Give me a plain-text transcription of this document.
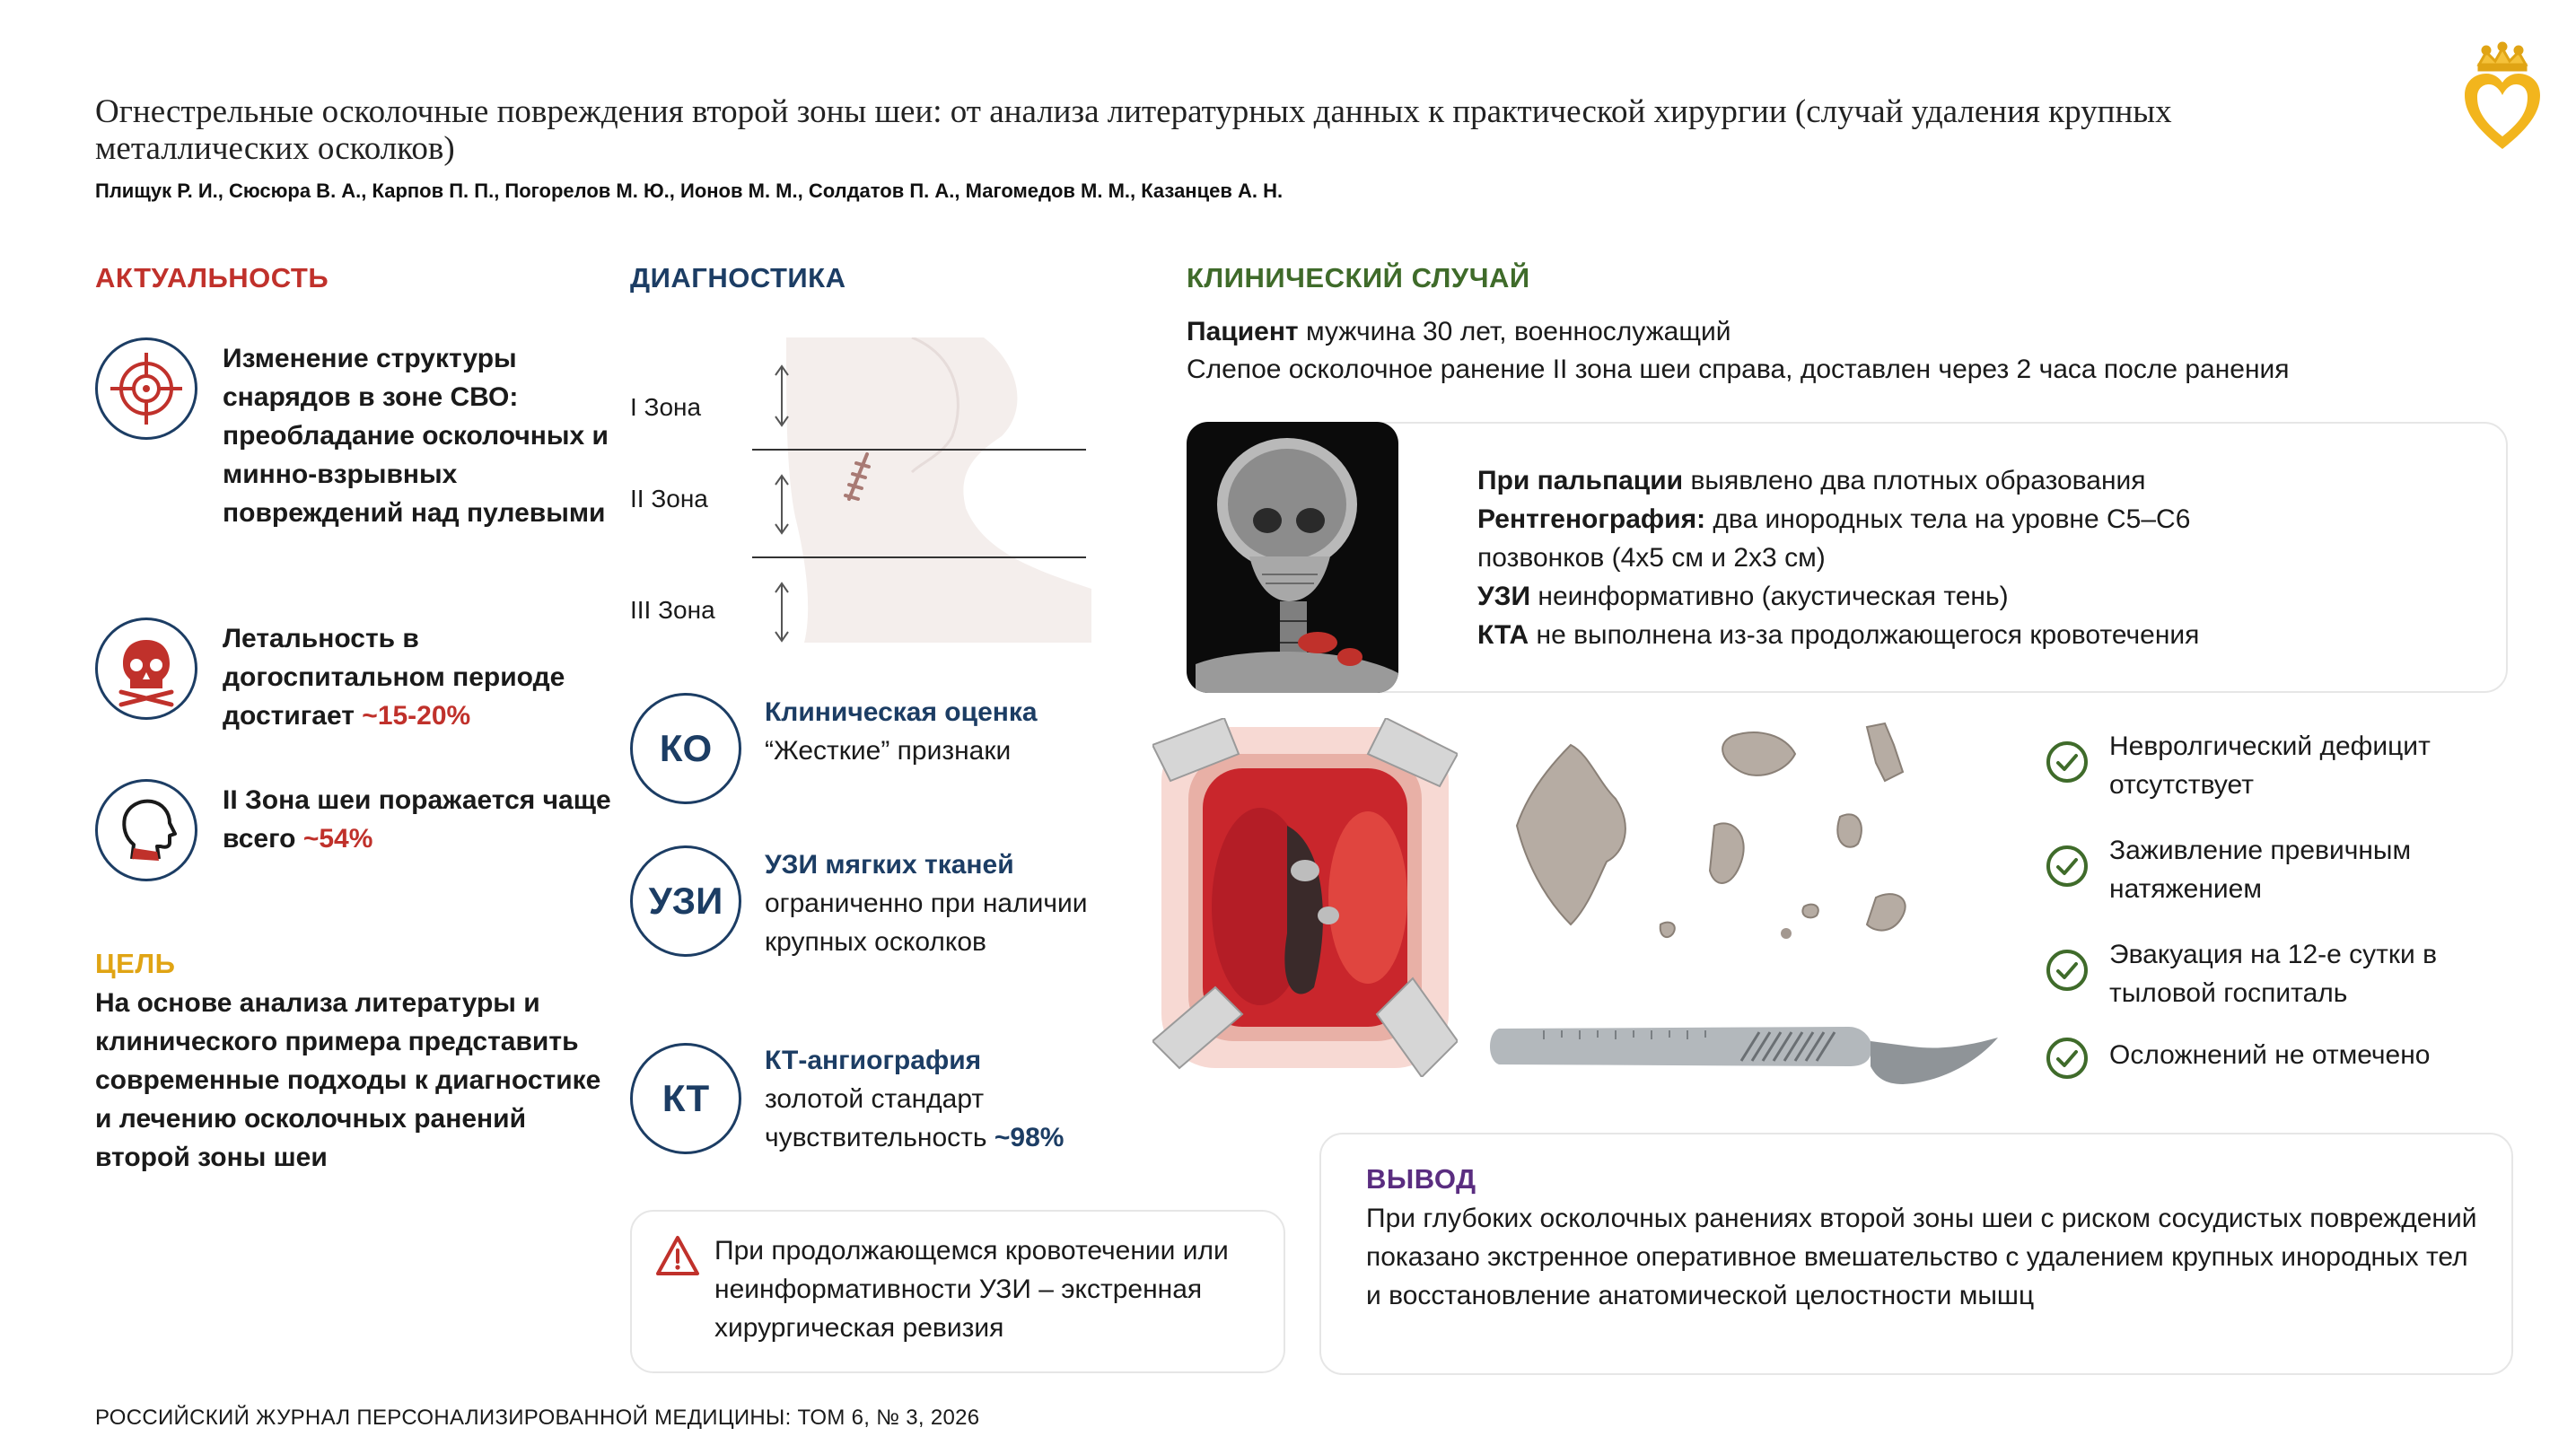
Огнестрельные осколочные повреждения второй зоны шеи: от анализа литературных данных к практической хирургии (случай удаления крупных металлических осколков)
Плищук Р. И., Сюсюра В. А., Карпов П. П., Погорелов М. Ю., Ионов М. М., Солдатов П. А., Магомедов М. М., Казанцев А. Н.
АКТУАЛЬНОСТЬ
Изменение структуры снарядов в зоне СВО: преобладание осколочных и минно-взрывных повреждений над пулевыми
Летальность в догоспитальном периоде достигает ~15-20%
II Зона шеи поражается чаще всего ~54%
ЦЕЛЬ
На основе анализа литературы и клинического примера представить современные подходы к диагностике и лечению осколочных ранений второй зоны шеи
ДИАГНОСТИКА
I Зона
II Зона
III Зона
КО
Клиническая оценка
“Жесткие” признаки
УЗИ
УЗИ мягких тканей
ограниченно при наличии крупных осколков
КТ
КТ-ангиография
золотой стандарт чувствительность ~98%
При продолжающемся кровотечении или неинформативности УЗИ – экстренная хирургическая ревизия
КЛИНИЧЕСКИЙ СЛУЧАЙ
Пациент мужчина 30 лет, военнослужащий
Слепое осколочное ранение II зона шеи справа, доставлен через 2 часа после ранения
При пальпации выявлено два плотных образования
Рентгенография: два инородных тела на уровне С5–С6 позвонков (4х5 см и 2х3 см)
УЗИ неинформативно (акустическая тень)
КТА не выполнена из-за продолжающегося кровотечения
Невролгический дефицит отсутствует
Заживление превичным натяжением
Эвакуация на 12-е сутки в тыловой госпиталь
Осложнений не отмечено
ВЫВОД
При глубоких осколочных ранениях второй зоны шеи с риском сосудистых повреждений показано экстренное оперативное вмешательство с удалением крупных инородных тел и восстановление анатомической целостности мышц
РОССИЙСКИЙ ЖУРНАЛ ПЕРСОНАЛИЗИРОВАННОЙ МЕДИЦИНЫ: ТОМ 6, № 3, 2026
